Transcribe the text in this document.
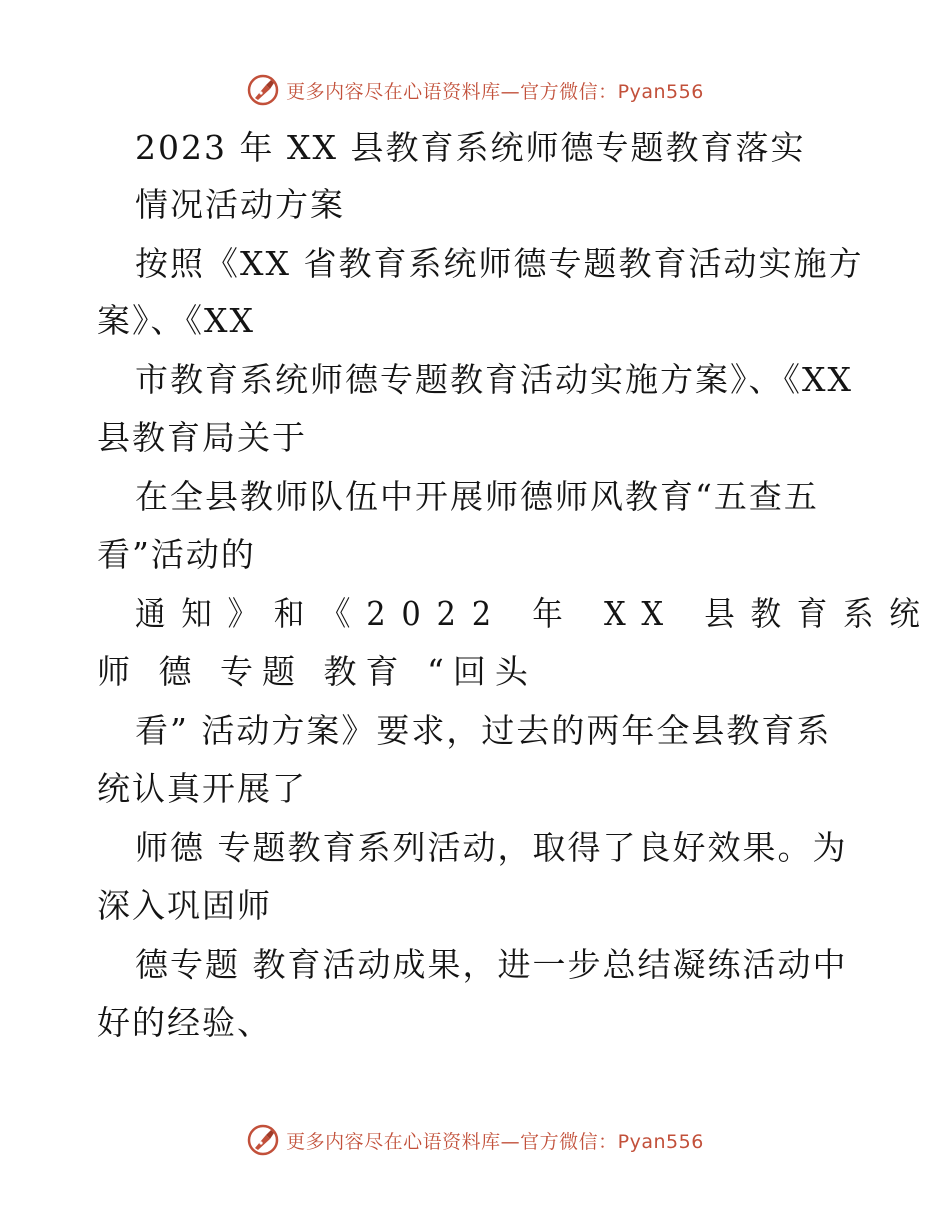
更多内容尽在心语资料库—官方微信：Pyan556
2023 年 XX 县教育系统师德专题教育落实
情况活动方案
按照《XX 省教育系统师德专题教育活动实施方
案》、《XX
市教育系统师德专题教育活动实施方案》、《XX
县教育局关于
在全县教师队伍中开展师德师风教育“五查五
看”活动的
通知》和《2022 年 XX 县教育系统
师 德 专题 教育 “回头
看” 活动方案》要求，过去的两年全县教育系
统认真开展了
师德 专题教育系列活动，取得了良好效果。为
深入巩固师
德专题 教育活动成果，进一步总结凝练活动中
好的经验、
更多内容尽在心语资料库—官方微信：Pyan556
